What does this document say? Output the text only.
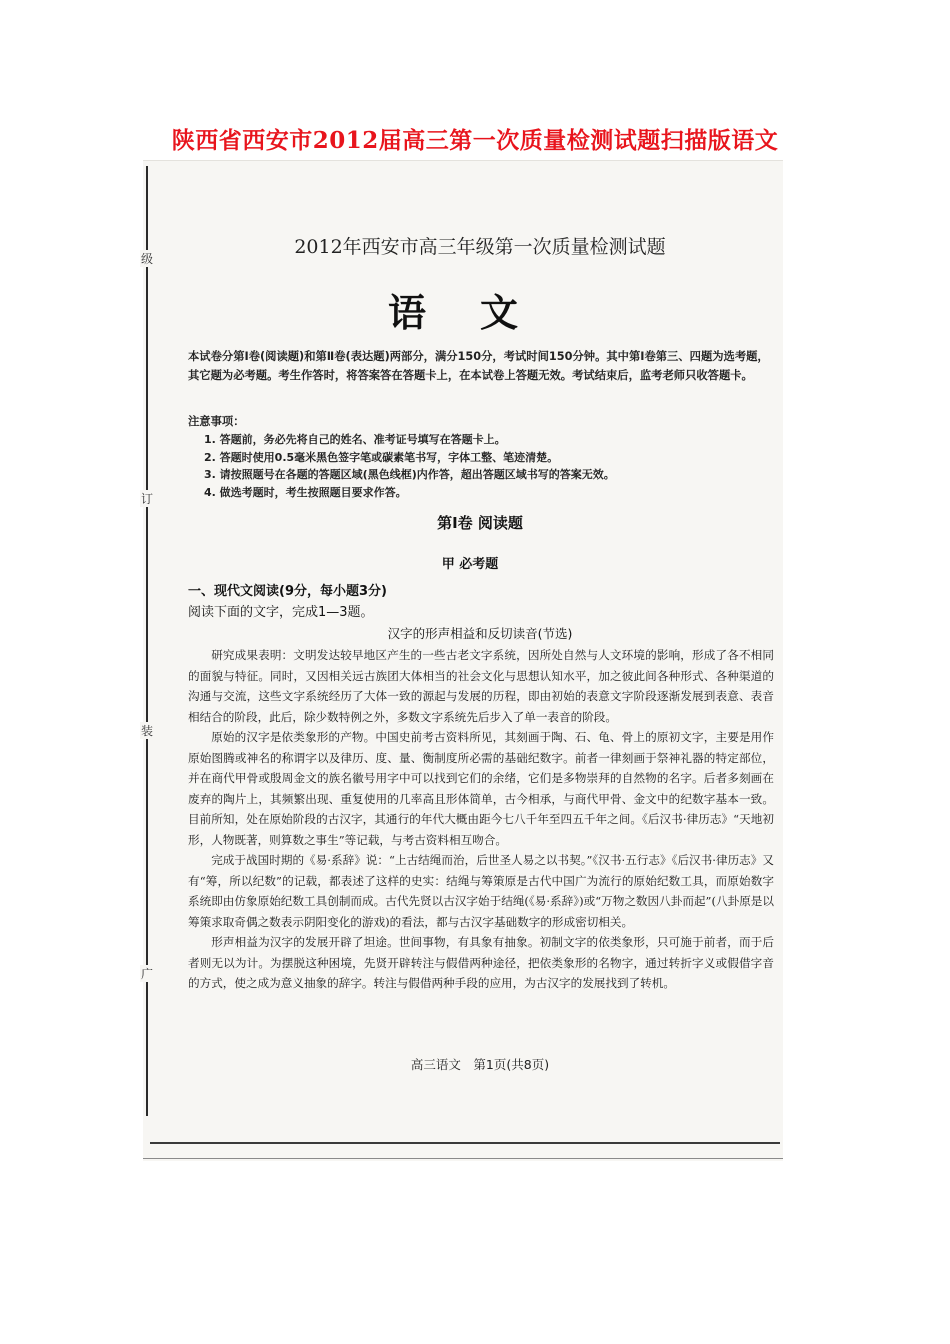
陕西省西安市2012届高三第一次质量检测试题扫描版语文
级
订
装
广
2012年西安市高三年级第一次质量检测试题
语文
本试卷分第Ⅰ卷(阅读题)和第Ⅱ卷(表达题)两部分，满分150分，考试时间150分钟。其中第Ⅰ卷第三、四题为选考题，其它题为必考题。考生作答时，将答案答在答题卡上，在本试卷上答题无效。考试结束后，监考老师只收答题卡。
注意事项：
1. 答题前，务必先将自己的姓名、准考证号填写在答题卡上。
2. 答题时使用0.5毫米黑色签字笔或碳素笔书写，字体工整、笔迹清楚。
3. 请按照题号在各题的答题区域(黑色线框)内作答，超出答题区域书写的答案无效。
4. 做选考题时，考生按照题目要求作答。
第Ⅰ卷 阅读题
甲 必考题
一、现代文阅读(9分，每小题3分)
阅读下面的文字，完成1—3题。
汉字的形声相益和反切读音(节选)

研究成果表明：文明发达较早地区产生的一些古老文字系统，因所处自然与人文环境的影响，形成了各不相同的面貌与特征。同时，又因相关远古族团大体相当的社会文化与思想认知水平，加之彼此间各种形式、各种渠道的沟通与交流，这些文字系统经历了大体一致的源起与发展的历程，即由初始的表意文字阶段逐渐发展到表意、表音相结合的阶段，此后，除少数特例之外，多数文字系统先后步入了单一表音的阶段。

原始的汉字是依类象形的产物。中国史前考古资料所见，其刻画于陶、石、龟、骨上的原初文字，主要是用作原始图腾或神名的称谓字以及律历、度、量、衡制度所必需的基础纪数字。前者一律刻画于祭神礼器的特定部位，并在商代甲骨或殷周金文的族名徽号用字中可以找到它们的余绪，它们是多物崇拜的自然物的名字。后者多刻画在废弃的陶片上，其频繁出现、重复使用的几率高且形体简单，古今相承，与商代甲骨、金文中的纪数字基本一致。目前所知，处在原始阶段的古汉字，其通行的年代大概由距今七八千年至四五千年之间。《后汉书·律历志》“天地初形，人物既著，则算数之事生”等记载，与考古资料相互吻合。

完成于战国时期的《易·系辞》说：“上古结绳而治，后世圣人易之以书契。”《汉书·五行志》《后汉书·律历志》又有“筹，所以纪数”的记载，都表述了这样的史实：结绳与筹策原是古代中国广为流行的原始纪数工具，而原始数字系统即由仿象原始纪数工具创制而成。古代先贤以古汉字始于结绳(《易·系辞》)或“万物之数因八卦而起”(八卦原是以筹策求取奇偶之数表示阴阳变化的游戏)的看法，都与古汉字基础数字的形成密切相关。

形声相益为汉字的发展开辟了坦途。世间事物，有具象有抽象。初制文字的依类象形，只可施于前者，而于后者则无以为计。为摆脱这种困境，先贤开辟转注与假借两种途径，把依类象形的名物字，通过转折字义或假借字音的方式，使之成为意义抽象的辞字。转注与假借两种手段的应用，为古汉字的发展找到了转机。

高三语文　第1页(共8页)
